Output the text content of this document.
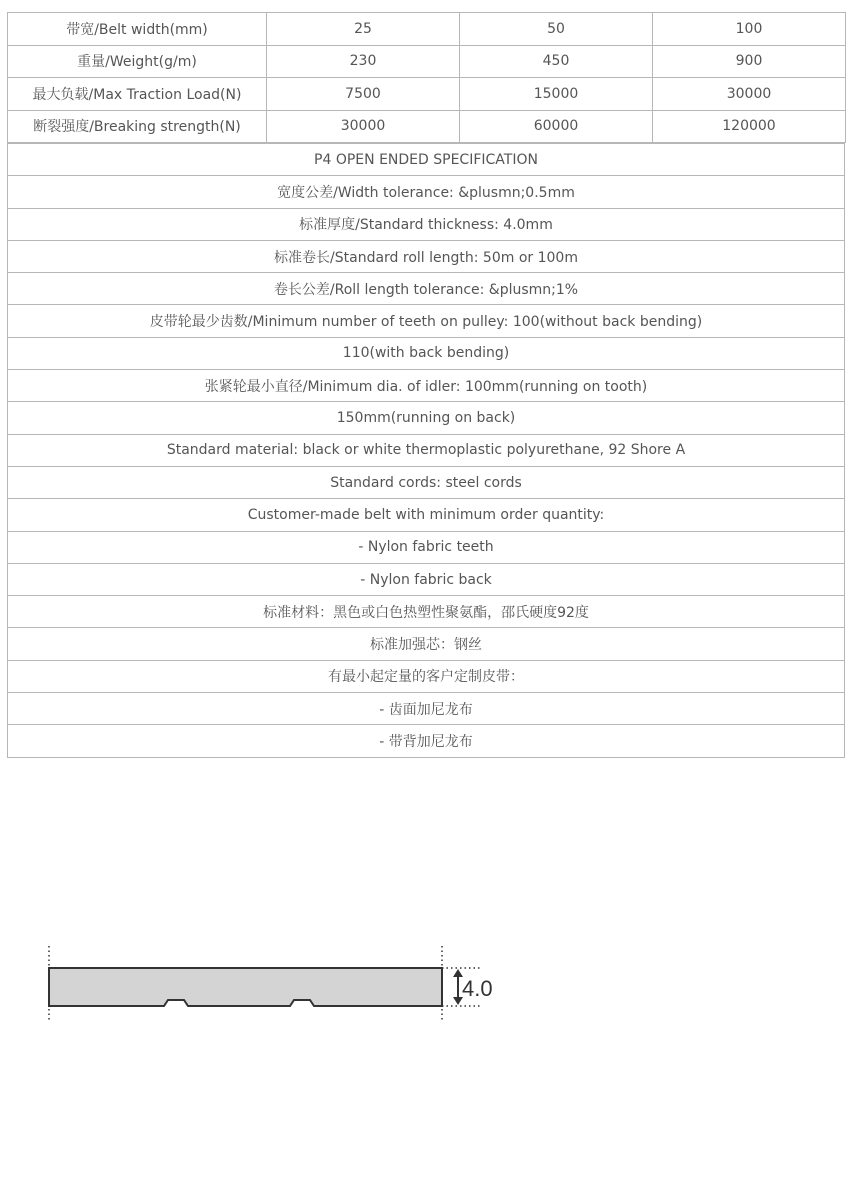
带宽/Belt width(mm)	25	50	100
重量/Weight(g/m)	230	450	900
最大负载/Max Traction Load(N)	7500	15000	30000
断裂强度/Breaking strength(N)	30000	60000	120000
P4 OPEN ENDED SPECIFICATION
宽度公差/Width tolerance: &plusmn;0.5mm
标准厚度/Standard thickness: 4.0mm
标准卷长/Standard roll length: 50m or 100m
卷长公差/Roll length tolerance: &plusmn;1%
皮带轮最少齿数/Minimum number of teeth on pulley: 100(without back bending)
110(with back bending)
张紧轮最小直径/Minimum dia. of idler: 100mm(running on tooth)
150mm(running on back)
Standard material: black or white thermoplastic polyurethane, 92 Shore A
Standard cords: steel cords
Customer-made belt with minimum order quantity:
- Nylon fabric teeth
- Nylon fabric back
标准材料：黑色或白色热塑性聚氨酯，邵氏硬度92度
标准加强芯：钢丝
有最小起定量的客户定制皮带：
- 齿面加尼龙布
- 带背加尼龙布
4.0
